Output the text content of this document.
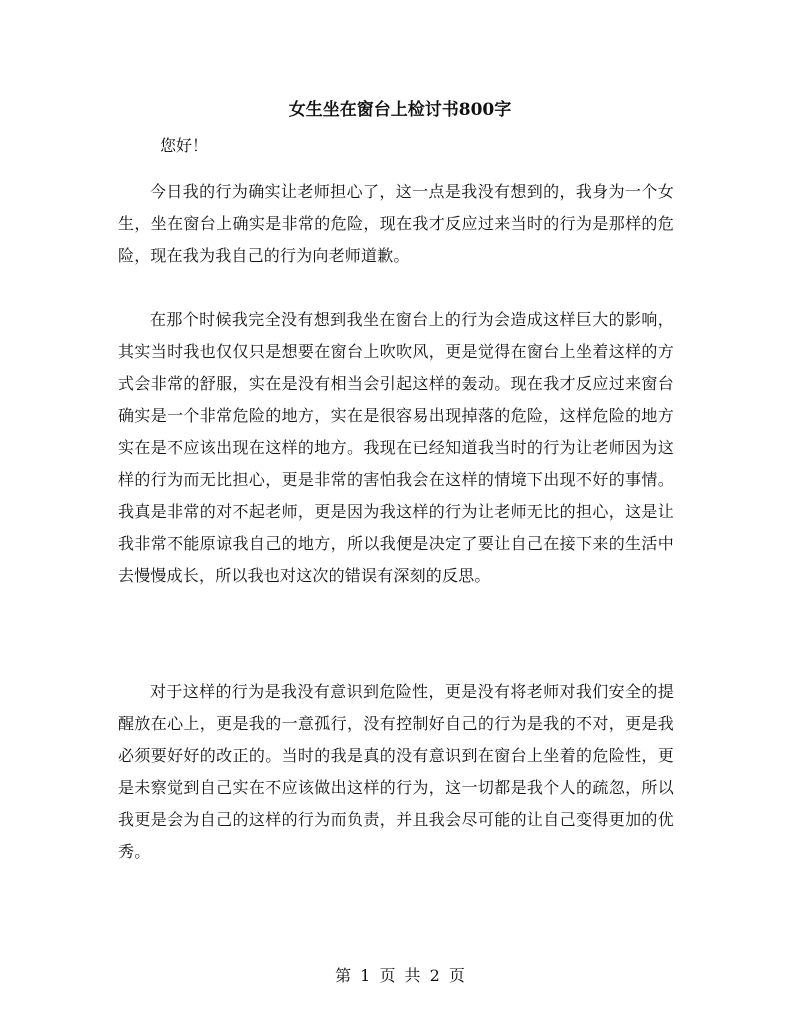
女生坐在窗台上检讨书800字
您好！

今日我的行为确实让老师担心了，这一点是我没有想到的，我身为一个女生，坐在窗台上确实是非常的危险，现在我才反应过来当时的行为是那样的危险，现在我为我自己的行为向老师道歉。

在那个时候我完全没有想到我坐在窗台上的行为会造成这样巨大的影响，其实当时我也仅仅只是想要在窗台上吹吹风，更是觉得在窗台上坐着这样的方式会非常的舒服，实在是没有相当会引起这样的轰动。现在我才反应过来窗台确实是一个非常危险的地方，实在是很容易出现掉落的危险，这样危险的地方实在是不应该出现在这样的地方。我现在已经知道我当时的行为让老师因为这样的行为而无比担心，更是非常的害怕我会在这样的情境下出现不好的事情。我真是非常的对不起老师，更是因为我这样的行为让老师无比的担心，这是让我非常不能原谅我自己的地方，所以我便是决定了要让自己在接下来的生活中去慢慢成长，所以我也对这次的错误有深刻的反思。

对于这样的行为是我没有意识到危险性，更是没有将老师对我们安全的提醒放在心上，更是我的一意孤行，没有控制好自己的行为是我的不对，更是我必须要好好的改正的。当时的我是真的没有意识到在窗台上坐着的危险性，更是未察觉到自己实在不应该做出这样的行为，这一切都是我个人的疏忽，所以我更是会为自己的这样的行为而负责，并且我会尽可能的让自己变得更加的优秀。

第 1 页 共 2 页
